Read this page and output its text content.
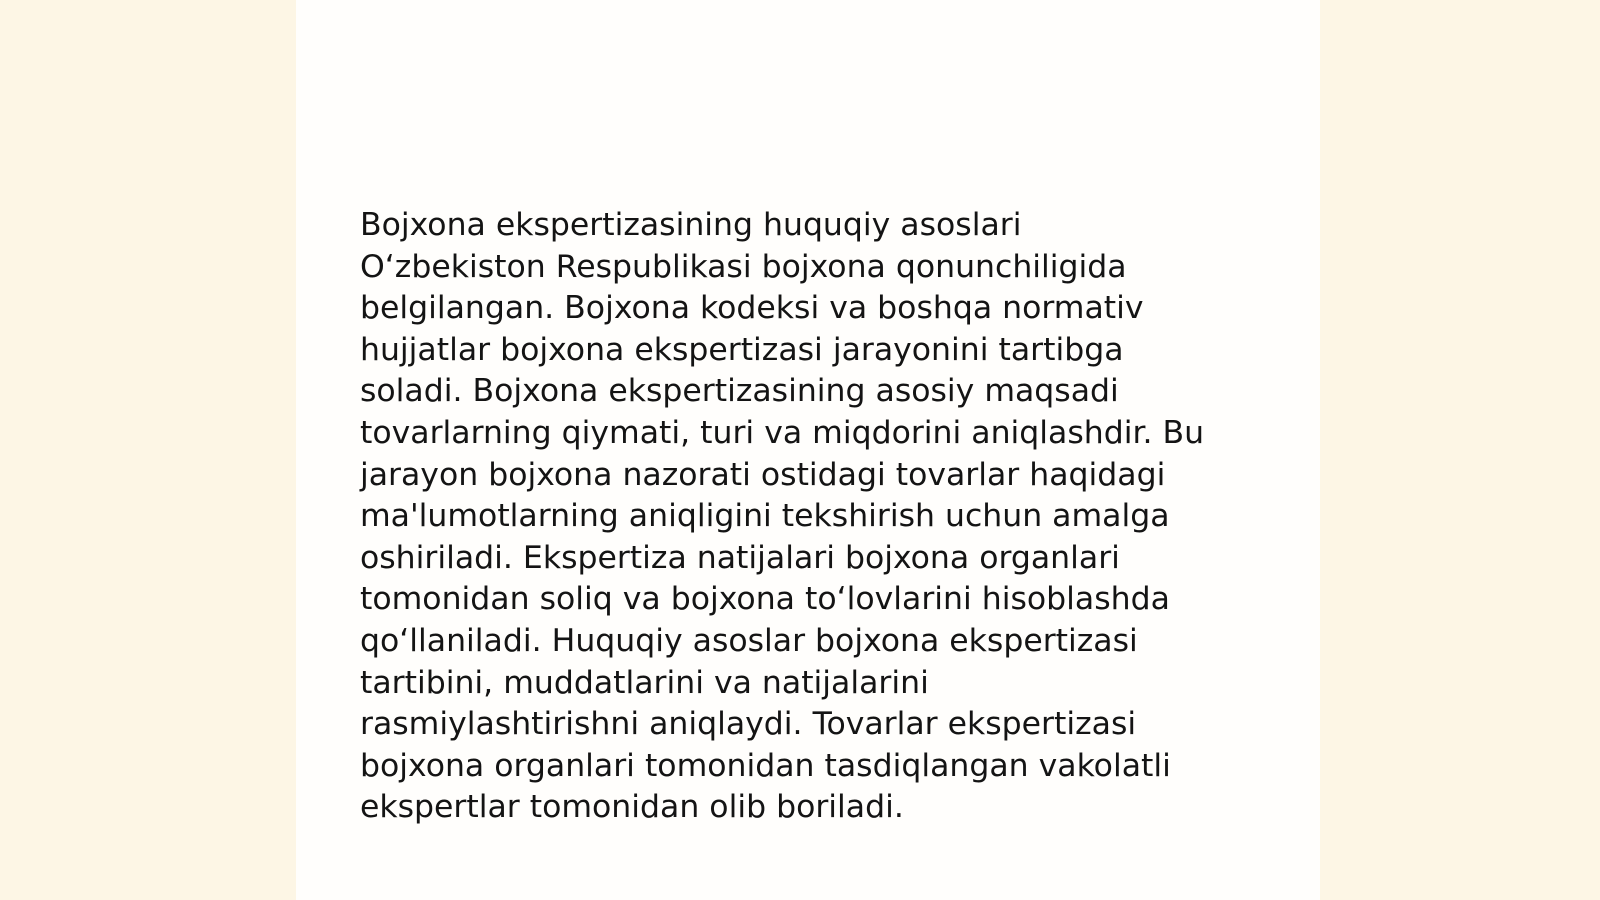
Bojxona ekspertizasining huquqiy asoslari
O‘zbekiston Respublikasi bojxona qonunchiligida
belgilangan. Bojxona kodeksi va boshqa normativ
hujjatlar bojxona ekspertizasi jarayonini tartibga
soladi. Bojxona ekspertizasining asosiy maqsadi
tovarlarning qiymati, turi va miqdorini aniqlashdir. Bu
jarayon bojxona nazorati ostidagi tovarlar haqidagi
ma'lumotlarning aniqligini tekshirish uchun amalga
oshiriladi. Ekspertiza natijalari bojxona organlari
tomonidan soliq va bojxona to‘lovlarini hisoblashda
qo‘llaniladi. Huquqiy asoslar bojxona ekspertizasi
tartibini, muddatlarini va natijalarini
rasmiylashtirishni aniqlaydi. Tovarlar ekspertizasi
bojxona organlari tomonidan tasdiqlangan vakolatli
ekspertlar tomonidan olib boriladi.
